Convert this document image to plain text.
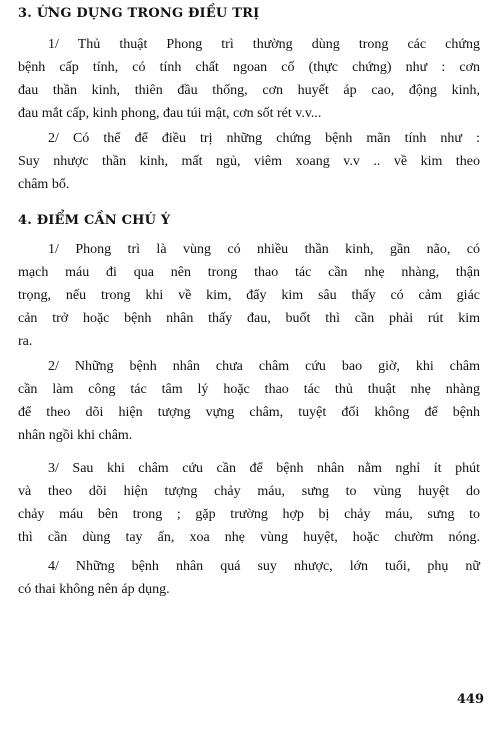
3. ỨNG DỤNG TRONG ĐIỀU TRỊ

1/ Thủ thuật Phong trì thường dùng trong các chứng

bệnh cấp tính, có tính chất ngoan cố (thực chứng) như : cơn

đau thần kinh, thiên đầu thống, cơn huyết áp cao, động kinh,

đau mắt cấp, kinh phong, đau túi mật, cơn sốt rét v.v...

2/ Có thể để điều trị những chứng bệnh mãn tính như :

Suy nhược thần kinh, mất ngủ, viêm xoang v.v .. về kim theo

châm bổ.

4. ĐIỂM CẦN CHÚ Ý

1/ Phong trì là vùng có nhiều thần kinh, gần não, có

mạch máu đi qua nên trong thao tác cần nhẹ nhàng, thận

trọng, nếu trong khi về kim, đẩy kim sâu thấy có cảm giác

cản trở hoặc bệnh nhân thấy đau, buốt thì cần phải rút kim

ra.

2/ Những bệnh nhân chưa châm cứu bao giờ, khi châm

cần làm công tác tâm lý hoặc thao tác thủ thuật nhẹ nhàng

để theo dõi hiện tượng vựng châm, tuyệt đối không để bệnh

nhân ngồi khi châm.

3/ Sau khi châm cứu cần để bệnh nhân nằm nghỉ ít phút

và theo dõi hiện tượng chảy máu, sưng to vùng huyệt do

chảy máu bên trong ; gặp trường hợp bị chảy máu, sưng to

thì cần dùng tay ấn, xoa nhẹ vùng huyệt, hoặc chườm nóng.

4/ Những bệnh nhân quá suy nhược, lớn tuổi, phụ nữ

có thai không nên áp dụng.

449
